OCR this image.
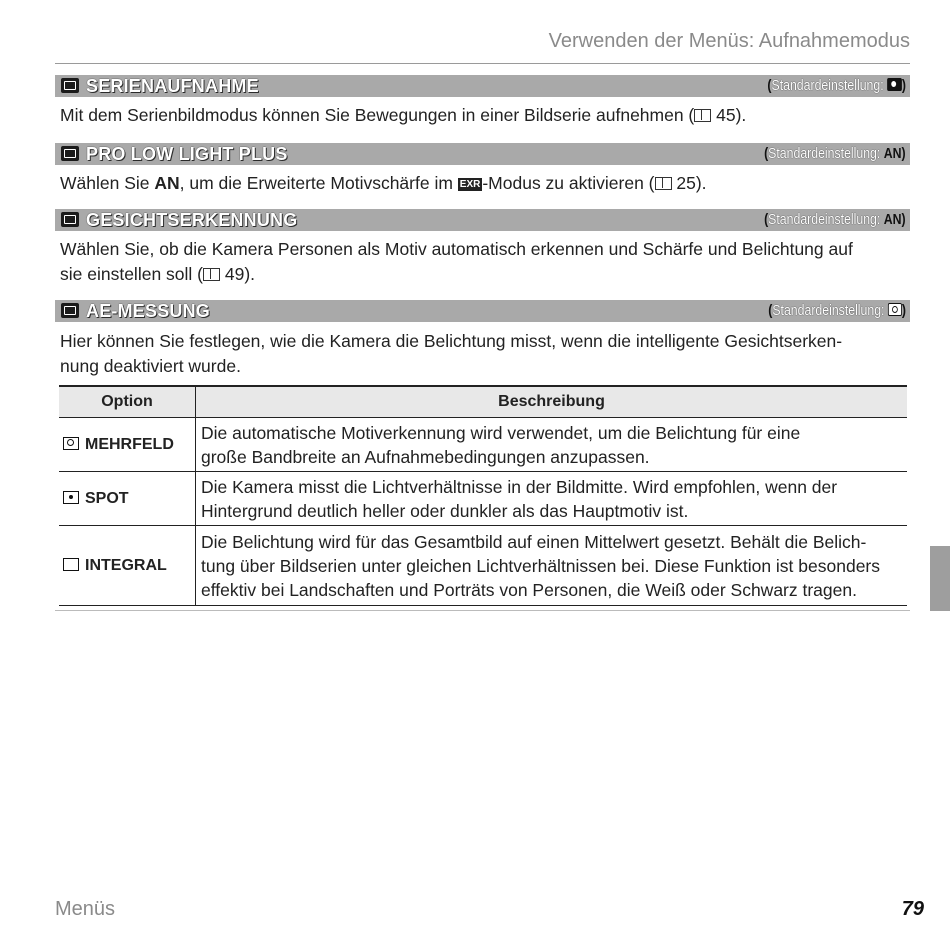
Verwenden der Menüs: Aufnahmemodus
SERIENAUFNAHME	(Standardeinstellung: )
Mit dem Serienbildmodus können Sie Bewegungen in einer Bildserie aufnehmen ( 45).
PRO LOW LIGHT PLUS	(Standardeinstellung: AN)
Wählen Sie AN, um die Erweiterte Motivschärfe im EXR -Modus zu aktivieren ( 25).
GESICHTSERKENNUNG	(Standardeinstellung: AN)
Wählen Sie, ob die Kamera Personen als Motiv automatisch erkennen und Schärfe und Belichtung auf
sie einstellen soll ( 49).
AE-MESSUNG	(Standardeinstellung: )
Hier können Sie festlegen, wie die Kamera die Belichtung misst, wenn die intelligente Gesichtserken-
nung deaktiviert wurde.
Option	Beschreibung
MEHRFELD	Die automatische Motiverkennung wird verwendet, um die Belichtung für eine
große Bandbreite an Aufnahmebedingungen anzupassen.

SPOT	Die Kamera misst die Lichtverhältnisse in der Bildmitte. Wird empfohlen, wenn der
Hintergrund deutlich heller oder dunkler als das Hauptmotiv ist.

INTEGRAL	Die Belichtung wird für das Gesamtbild auf einen Mittelwert gesetzt. Behält die Belich-
tung über Bildserien unter gleichen Lichtverhältnissen bei. Diese Funktion ist besonders
effektiv bei Landschaften und Porträts von Personen, die Weiß oder Schwarz tragen.
Menüs	79
